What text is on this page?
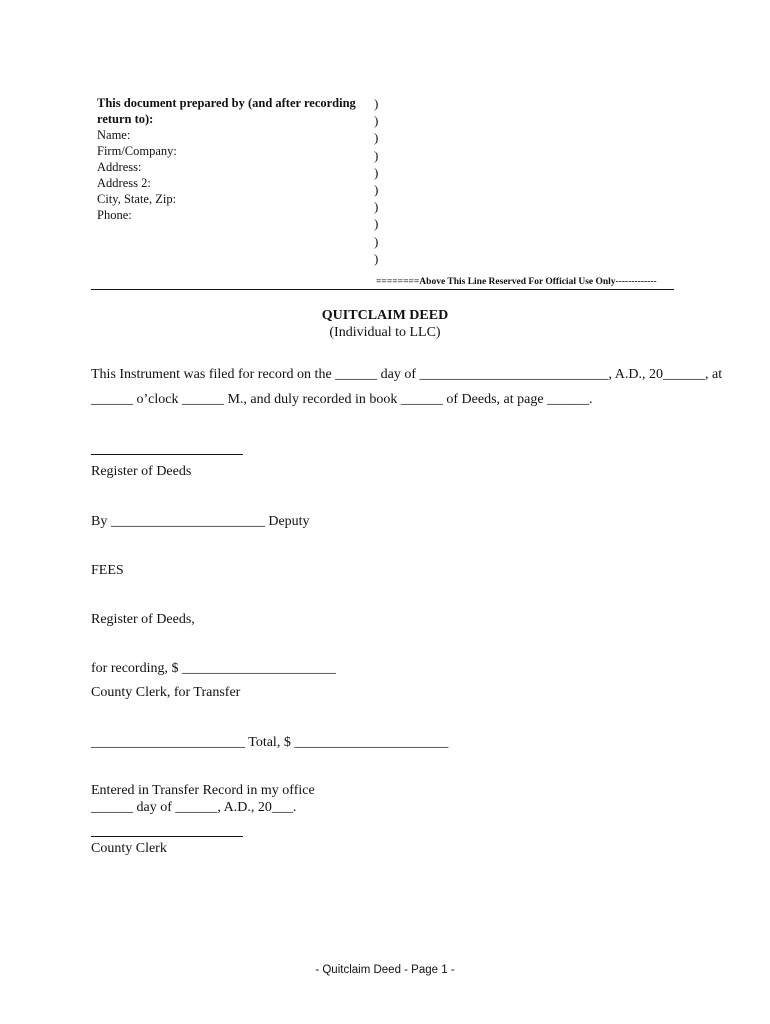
This document prepared by (and after recording
return to):
Name:
Firm/Company:
Address:
Address 2:
City, State, Zip:
Phone:
)
)
)
)
)
)
)
)
)
)
========Above This Line Reserved For Official Use Only-------------
QUITCLAIM DEED
(Individual to LLC)
This Instrument was filed for record on the ______ day of ___________________________, A.D., 20______, at
______ o’clock ______ M., and duly recorded in book ______ of Deeds, at page ______.
Register of Deeds
By ______________________ Deputy
FEES
Register of Deeds,
for recording, $ ______________________
County Clerk, for Transfer
______________________ Total, $ ______________________
Entered in Transfer Record in my office
______ day of ______, A.D., 20___.
County Clerk
- Quitclaim Deed - Page 1 -
